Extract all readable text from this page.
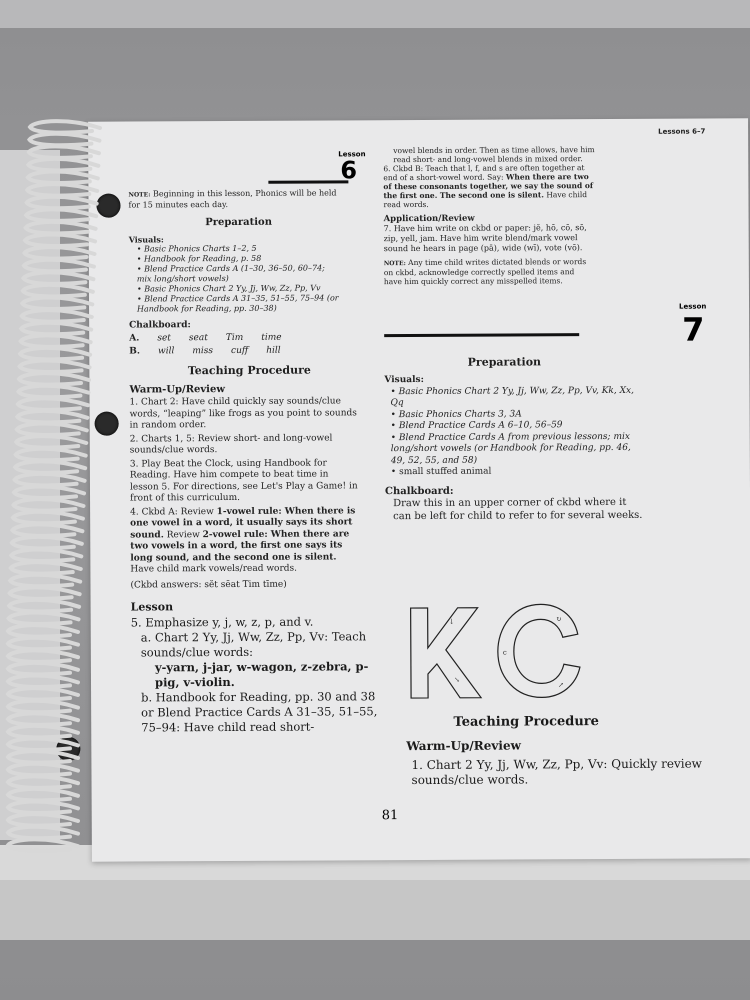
Lessons 6–7
Lesson
6
NOTE: Beginning in this lesson, Phonics will be held for 15 minutes each day.
Preparation
Visuals:
• Basic Phonics Charts 1–2, 5
• Handbook for Reading, p. 58
• Blend Practice Cards A (1–30, 36–50, 60–74; mix long/short vowels)
• Basic Phonics Chart 2 Yy, Jj, Ww, Zz, Pp, Vv
• Blend Practice Cards A 31–35, 51–55, 75–94 (or Handbook for Reading, pp. 30–38)
Chalkboard:
A. set seat Tim time
B. will miss cuff hill
Teaching Procedure
Warm-Up/Review
1. Chart 2: Have child quickly say sounds/clue words, “leaping” like frogs as you point to sounds in random order.
2. Charts 1, 5: Review short- and long-vowel sounds/clue words.
3. Play Beat the Clock, using Handbook for Reading. Have him compete to beat time in lesson 5. For directions, see Let's Play a Game! in front of this curriculum.
4. Ckbd A: Review 1-vowel rule: When there is one vowel in a word, it usually says its short sound. Review 2-vowel rule: When there are two vowels in a word, the first one says its long sound, and the second one is silent. Have child mark vowels/read words.
(Ckbd answers: sĕt sēat Tim tīme)
Lesson
5. Emphasize y, j, w, z, p, and v.
a. Chart 2 Yy, Jj, Ww, Zz, Pp, Vv: Teach sounds/clue words:
y-yarn, j-jar, w-wagon, z-zebra, p-pig, v-violin.
b. Handbook for Reading, pp. 30 and 38 or Blend Practice Cards A 31–35, 51–55, 75–94: Have child read short-
vowel blends in order. Then as time allows, have him read short- and long-vowel blends in mixed order.
6. Ckbd B: Teach that l, f, and s are often together at end of a short-vowel word. Say: When there are two of these consonants together, we say the sound of the first one. The second one is silent. Have child read words.
Application/Review
7. Have him write on ckbd or paper: jĕ, hō, cō, sō, zip, yell, jam. Have him write blend/mark vowel sound he hears in page (pā), wide (wī), vote (vō).
NOTE: Any time child writes dictated blends or words on ckbd, acknowledge correctly spelled items and have him quickly correct any misspelled items.
Lesson
7
Preparation
Visuals:
• Basic Phonics Chart 2 Yy, Jj, Ww, Zz, Pp, Vv, Kk, Xx, Qq
• Basic Phonics Charts 3, 3A
• Blend Practice Cards A 6–10, 56–59
• Blend Practice Cards A from previous lessons; mix long/short vowels (or Handbook for Reading, pp. 46, 49, 52, 55, and 58)
• small stuffed animal
Chalkboard:
Draw this in an upper corner of ckbd where it can be left for child to refer to for several weeks.
↓
↘
↻
c
↗
Teaching Procedure
Warm-Up/Review
1. Chart 2 Yy, Jj, Ww, Zz, Pp, Vv: Quickly review sounds/clue words.
81
